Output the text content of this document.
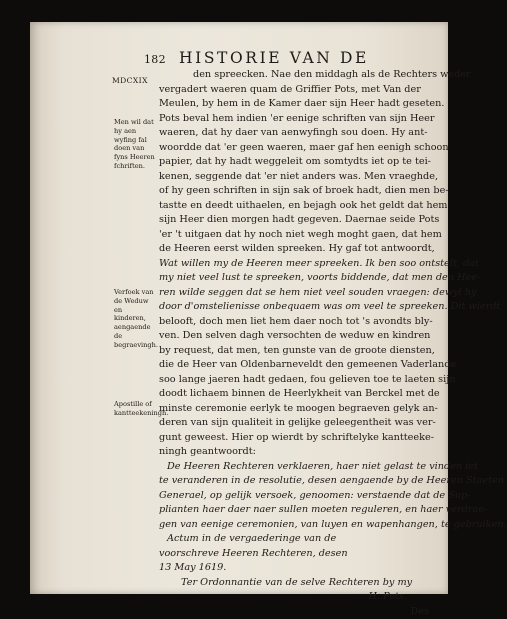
182 HISTORIE VAN DE
MDCXIX
Men wil dat hy aen wyfing fal doen van fyns Heeren fchriften.
Verfoek van de Weduw en kinderen, aengaende de begraevingh.
Apostille of kantteekeningh.
den spreecken. Nae den middagh als de Rechters weder
vergadert waeren quam de Griffier Pots, met Van der
Meulen, by hem in de Kamer daer sijn Heer hadt geseten.
Pots beval hem indien 'er eenige schriften van sijn Heer
waeren, dat hy daer van aenwyfingh sou doen. Hy ant-
woordde dat 'er geen waeren, maer gaf hen eenigh schoon
papier, dat hy hadt weggeleit om somtydts iet op te tei-
kenen, seggende dat 'er niet anders was. Men vraeghde,
of hy geen schriften in sijn sak of broek hadt, dien men be-
tastte en deedt uithaelen, en bejagh ook het geldt dat hem
sijn Heer dien morgen hadt gegeven. Daernae seide Pots
'er 't uitgaen dat hy noch niet wegh moght gaen, dat hem
de Heeren eerst wilden spreeken. Hy gaf tot antwoordt,
Wat willen my de Heeren meer spreeken. Ik ben soo ontstelt, dat
my niet veel lust te spreeken, voorts biddende, dat men den Hee-
ren wilde seggen dat se hem niet veel souden vraegen: dewyl hy
door d'omstelienisse onbequaem was om veel te spreeken. Dit wierdt
belooft, doch men liet hem daer noch tot 's avondts bly-
ven. Den selven dagh versochten de weduw en kindren
by request, dat men, ten gunste van de groote diensten,
die de Heer van Oldenbarneveldt den gemeenen Vaderlande
soo lange jaeren hadt gedaen, fou gelieven toe te laeten sijn
doodt lichaem binnen de Heerlykheit van Berckel met de
minste ceremonie eerlyk te moogen begraeven gelyk an-
deren van sijn qualiteit in gelijke geleegentheit was ver-
gunt geweest. Hier op wierdt by schriftelyke kantteeke-
ningh geantwoordt:
De Heeren Rechteren verklaeren, haer niet gelast te vinden iet
te veranderen in de resolutie, desen aengaende by de Heeren Staeten
Generael, op gelijk versoek, genoomen: verstaende dat de Sup-
plianten haer daer naer sullen moeten reguleren, en haer verdrae-
gen van eenige ceremonien, van luyen en wapenhangen, te gebruiken.
Actum in de vergaederinge van de
voorschreve Heeren Rechteren, desen
13 May 1619.
Ter Ordonnantie van de selve Rechteren by my
H. Pots.
Des
